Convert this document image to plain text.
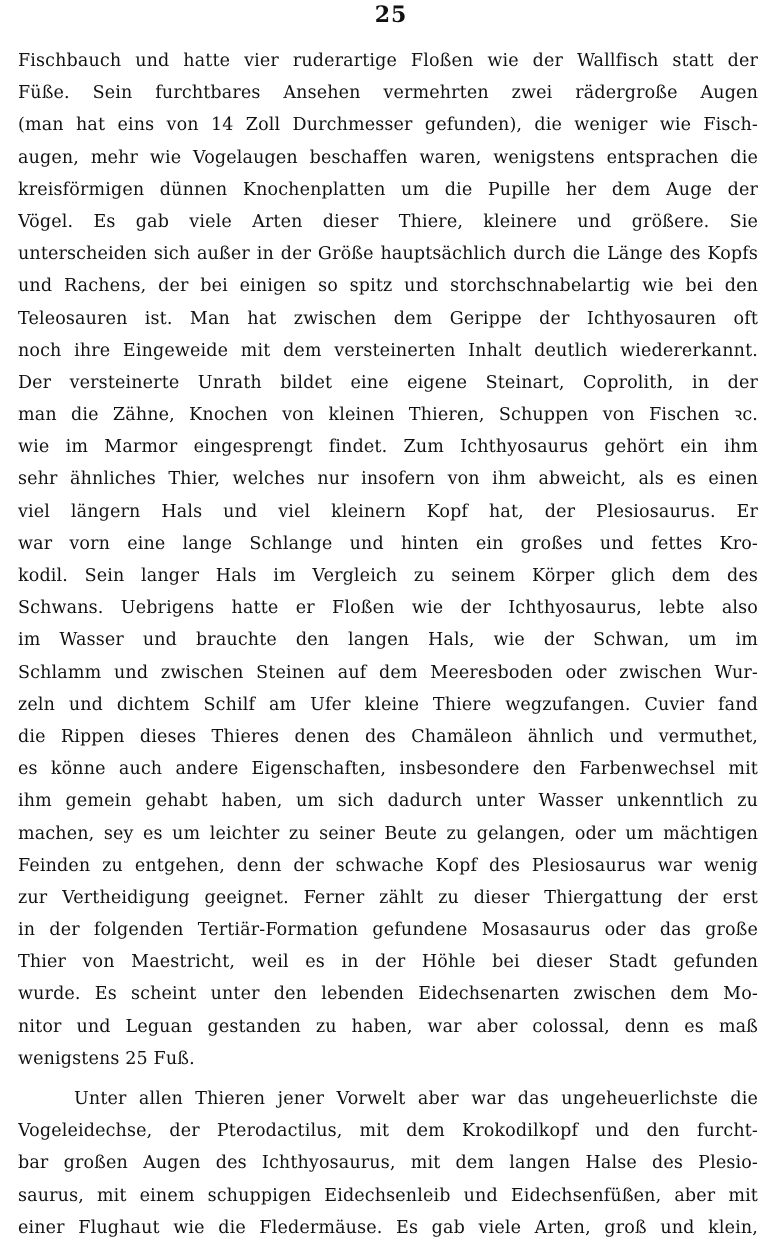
25
Fischbauch und hatte vier ruderartige Floßen wie der Wallfisch statt der
Füße. Sein furchtbares Ansehen vermehrten zwei rädergroße Augen
(man hat eins von 14 Zoll Durchmesser gefunden), die weniger wie Fisch-
augen, mehr wie Vogelaugen beschaffen waren, wenigstens entsprachen die
kreisförmigen dünnen Knochenplatten um die Pupille her dem Auge der
Vögel. Es gab viele Arten dieser Thiere, kleinere und größere. Sie
unterscheiden sich außer in der Größe hauptsächlich durch die Länge des Kopfs
und Rachens, der bei einigen so spitz und storchschnabelartig wie bei den
Teleosauren ist. Man hat zwischen dem Gerippe der Ichthyosauren oft
noch ihre Eingeweide mit dem versteinerten Inhalt deutlich wiedererkannt.
Der versteinerte Unrath bildet eine eigene Steinart, Coprolith, in der
man die Zähne, Knochen von kleinen Thieren, Schuppen von Fischen ꝛc.
wie im Marmor eingesprengt findet. Zum Ichthyosaurus gehört ein ihm
sehr ähnliches Thier, welches nur insofern von ihm abweicht, als es einen
viel längern Hals und viel kleinern Kopf hat, der Plesiosaurus. Er
war vorn eine lange Schlange und hinten ein großes und fettes Kro-
kodil. Sein langer Hals im Vergleich zu seinem Körper glich dem des
Schwans. Uebrigens hatte er Floßen wie der Ichthyosaurus, lebte also
im Wasser und brauchte den langen Hals, wie der Schwan, um im
Schlamm und zwischen Steinen auf dem Meeresboden oder zwischen Wur-
zeln und dichtem Schilf am Ufer kleine Thiere wegzufangen. Cuvier fand
die Rippen dieses Thieres denen des Chamäleon ähnlich und vermuthet,
es könne auch andere Eigenschaften, insbesondere den Farbenwechsel mit
ihm gemein gehabt haben, um sich dadurch unter Wasser unkenntlich zu
machen, sey es um leichter zu seiner Beute zu gelangen, oder um mächtigen
Feinden zu entgehen, denn der schwache Kopf des Plesiosaurus war wenig
zur Vertheidigung geeignet. Ferner zählt zu dieser Thiergattung der erst
in der folgenden Tertiär-Formation gefundene Mosasaurus oder das große
Thier von Maestricht, weil es in der Höhle bei dieser Stadt gefunden
wurde. Es scheint unter den lebenden Eidechsenarten zwischen dem Mo-
nitor und Leguan gestanden zu haben, war aber colossal, denn es maß
wenigstens 25 Fuß.
Unter allen Thieren jener Vorwelt aber war das ungeheuerlichste die
Vogeleidechse, der Pterodactilus, mit dem Krokodilkopf und den furcht-
bar großen Augen des Ichthyosaurus, mit dem langen Halse des Plesio-
saurus, mit einem schuppigen Eidechsenleib und Eidechsenfüßen, aber mit
einer Flughaut wie die Fledermäuse. Es gab viele Arten, groß und klein,
